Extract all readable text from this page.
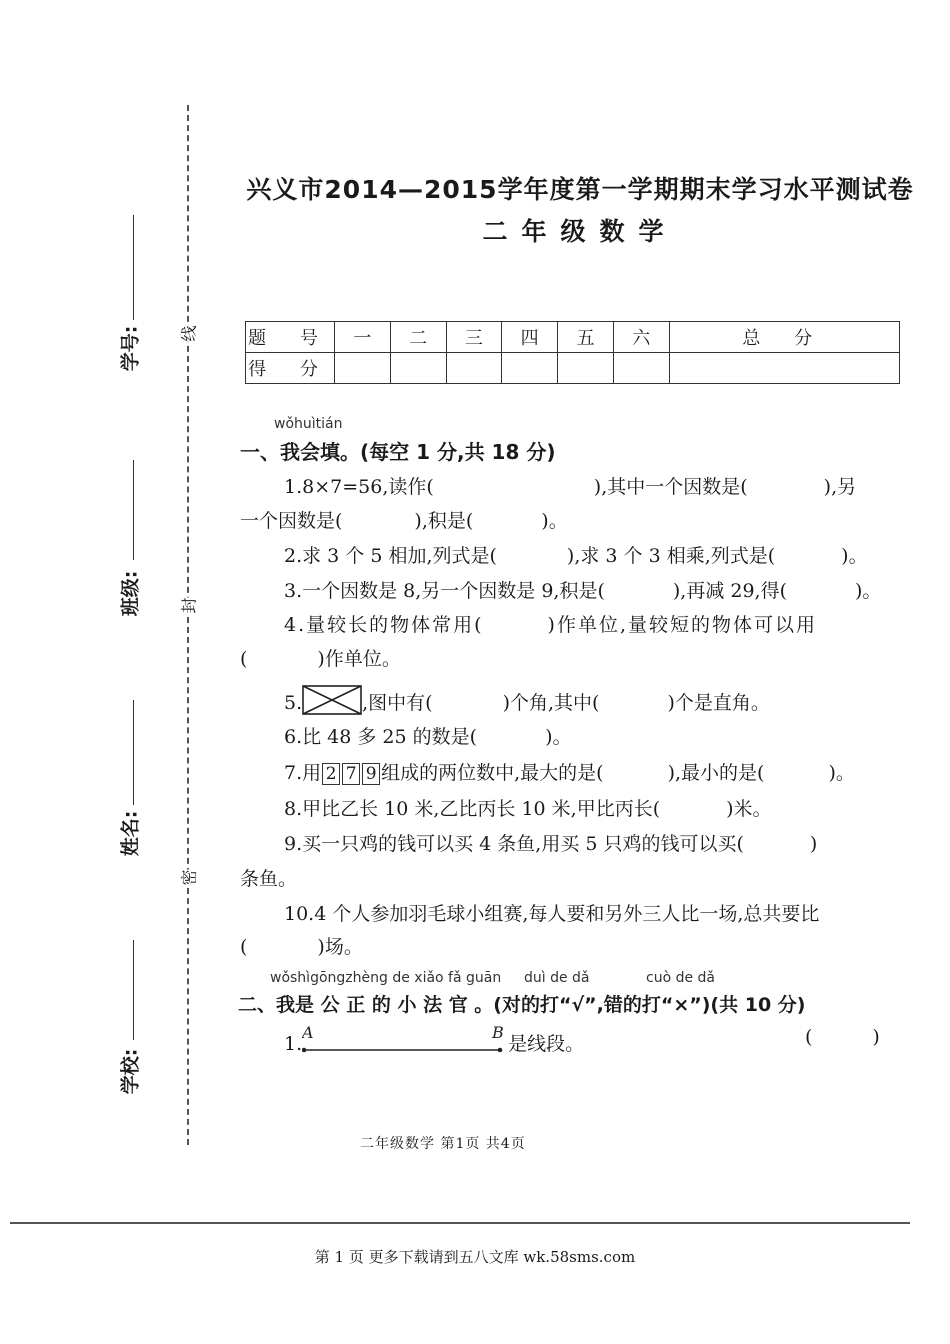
学号:
班级:
姓名:
学校:
线
封
密
兴义市2014—2015学年度第一学期期末学习水平测试卷
二年级数学
题 号	一	二	三	四	五	六	总 分
得 分							
wǒhuìtián
一、我会填。(每空 1 分,共 18 分)
1.8×7=56,读作(	),其中一个因数是(	),另
一个因数是(	),积是(	)。
2.求 3 个 5 相加,列式是(	),求 3 个 3 相乘,列式是(	)。
3.一个因数是 8,另一个因数是 9,积是(	),再减 29,得(	)。
4.量较长的物体常用(	)作单位,量较短的物体可以用
(	)作单位。
5.	,图中有(	)个角,其中(	)个是直角。
6.比 48 多 25 的数是(	)。
7.用 2 7 9 组成的两位数中,最大的是(	),最小的是(	)。
8.甲比乙长 10 米,乙比丙长 10 米,甲比丙长(	)米。
9.买一只鸡的钱可以买 4 条鱼,用买 5 只鸡的钱可以买(	)
条鱼。
10.4 个人参加羽毛球小组赛,每人要和另外三人比一场,总共要比
(	)场。
wǒshìgōngzhèng de xiǎo fǎ guān duì de dǎ	cuò de dǎ
二、我是 公 正 的 小 法 官 。(对的打“√”,错的打“×”)(共 10 分)
1.
A	B
是线段。	(	)
二年级数学 第1页 共4页
第 1 页 更多下载请到五八文库 wk.58sms.com
